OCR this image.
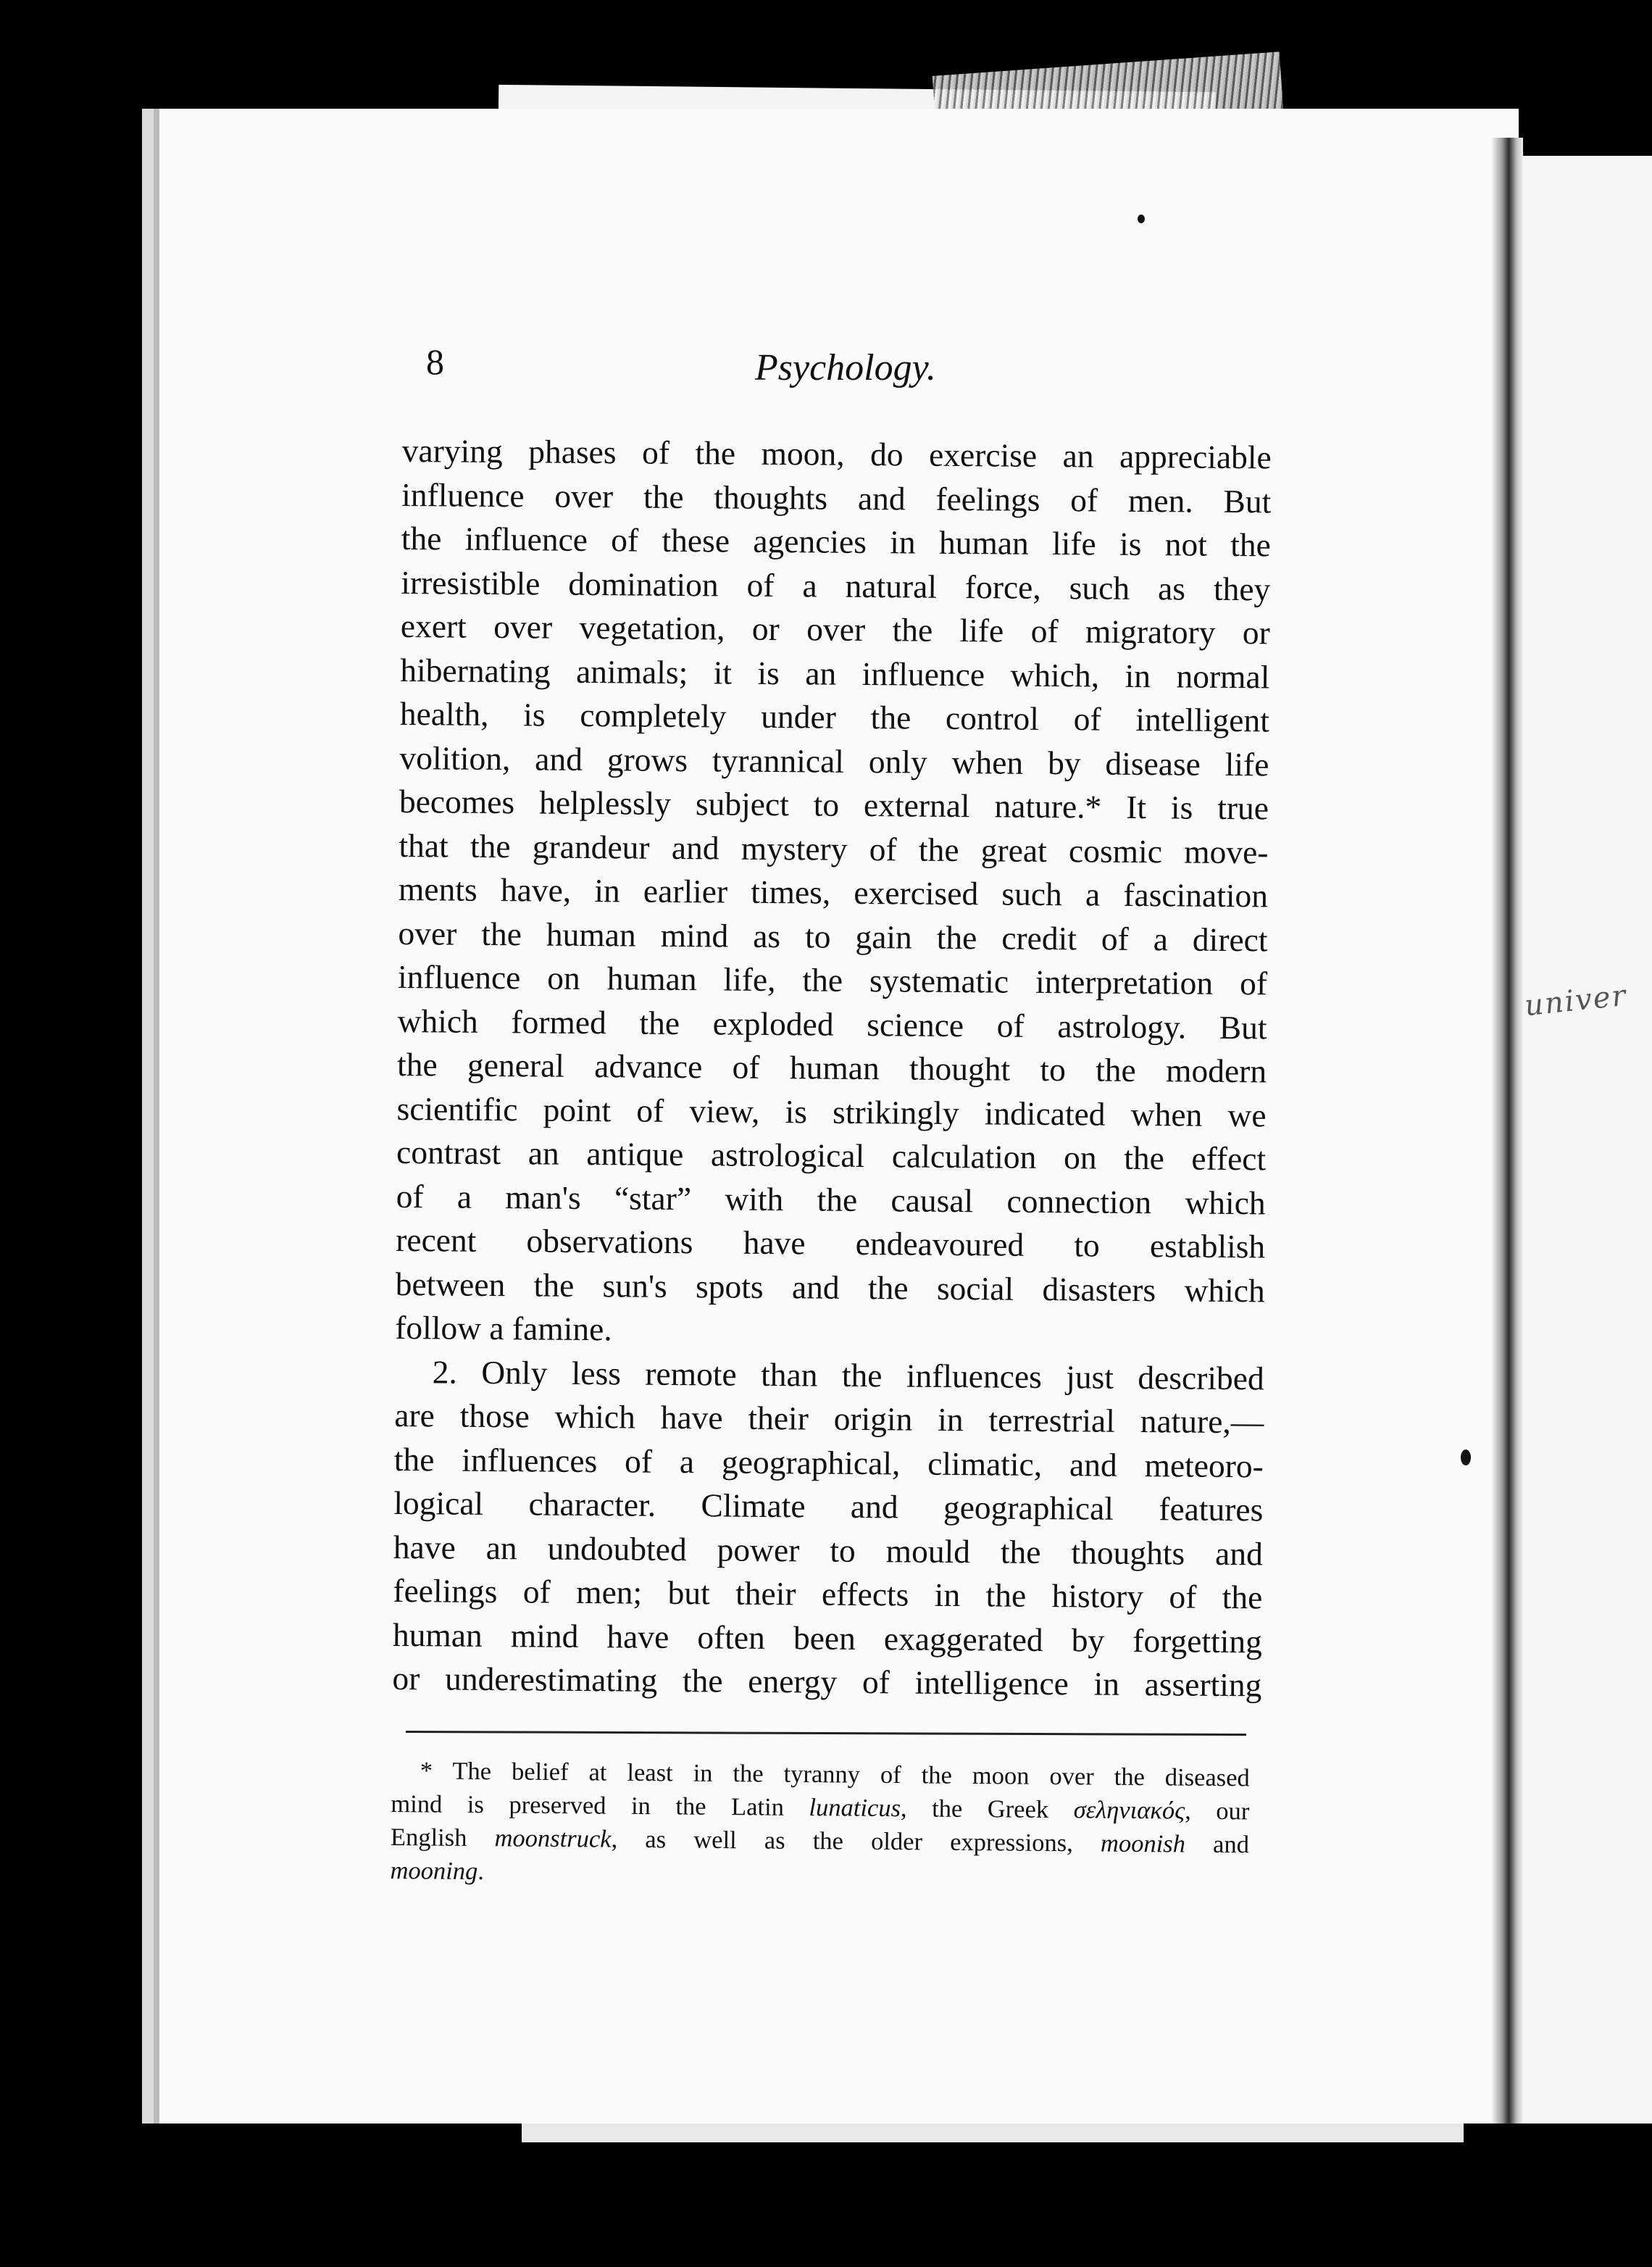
univer
8	Psychology.
varying phases of the moon, do exercise an appreciable
influence over the thoughts and feelings of men. But
the influence of these agencies in human life is not the
irresistible domination of a natural force, such as they
exert over vegetation, or over the life of migratory or
hibernating animals; it is an influence which, in normal
health, is completely under the control of intelligent
volition, and grows tyrannical only when by disease life
becomes helplessly subject to external nature.* It is true
that the grandeur and mystery of the great cosmic move-
ments have, in earlier times, exercised such a fascination
over the human mind as to gain the credit of a direct
influence on human life, the systematic interpretation of
which formed the exploded science of astrology. But
the general advance of human thought to the modern
scientific point of view, is strikingly indicated when we
contrast an antique astrological calculation on the effect
of a man's “star” with the causal connection which
recent observations have endeavoured to establish
between the sun's spots and the social disasters which
follow a famine.
2. Only less remote than the influences just described
are those which have their origin in terrestrial nature,—
the influences of a geographical, climatic, and meteoro-
logical character. Climate and geographical features
have an undoubted power to mould the thoughts and
feelings of men; but their effects in the history of the
human mind have often been exaggerated by forgetting
or underestimating the energy of intelligence in asserting
* The belief at least in the tyranny of the moon over the diseased
mind is preserved in the Latin lunaticus, the Greek σεληνιακός, our
English moonstruck, as well as the older expressions, moonish and
mooning.
